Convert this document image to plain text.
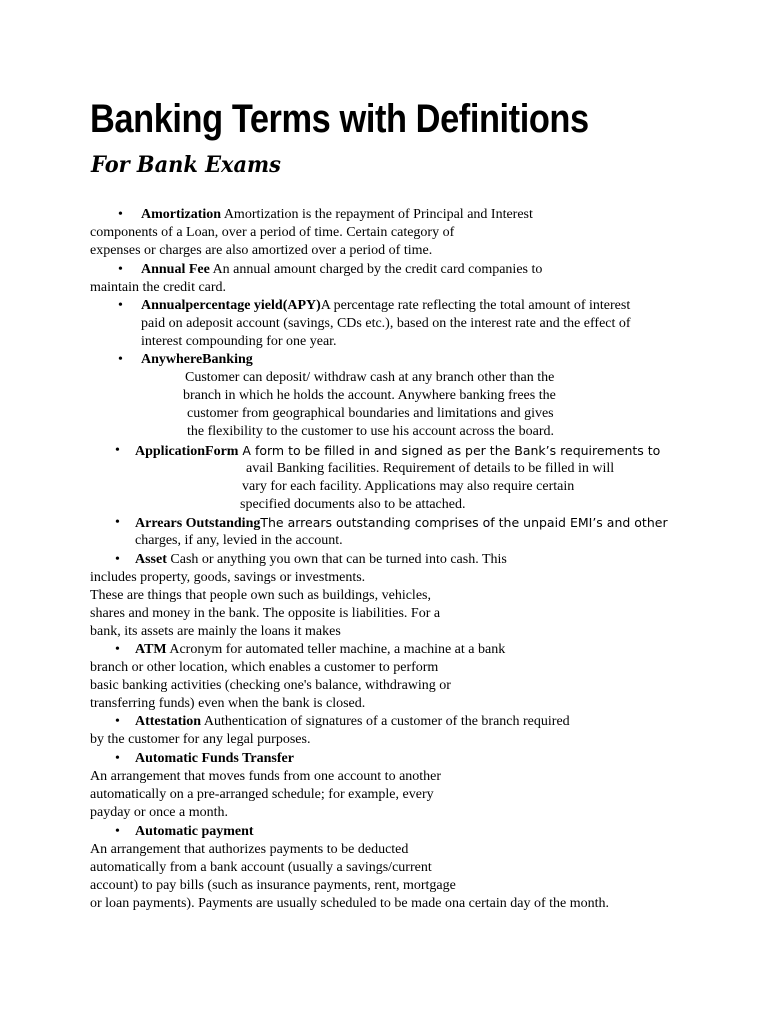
Banking Terms with Definitions
For Bank Exams
• Amortization Amortization is the repayment of Principal and Interest
components of a Loan, over a period of time. Certain category of
expenses or charges are also amortized over a period of time.
• Annual Fee An annual amount charged by the credit card companies to
maintain the credit card.
• Annualpercentage yield(APY)A percentage rate reflecting the total amount of interest
paid on adeposit account (savings, CDs etc.), based on the interest rate and the effect of
interest compounding for one year.
• AnywhereBanking
Customer can deposit/ withdraw cash at any branch other than the
branch in which he holds the account. Anywhere banking frees the
customer from geographical boundaries and limitations and gives
the flexibility to the customer to use his account across the board.
• ApplicationForm A form to be filled in and signed as per the Bank’s requirements to
avail Banking facilities. Requirement of details to be filled in will
vary for each facility. Applications may also require certain
specified documents also to be attached.
• Arrears OutstandingThe arrears outstanding comprises of the unpaid EMI’s and other
charges, if any, levied in the account.
• Asset Cash or anything you own that can be turned into cash. This
includes property, goods, savings or investments.
These are things that people own such as buildings, vehicles,
shares and money in the bank. The opposite is liabilities. For a
bank, its assets are mainly the loans it makes
• ATM Acronym for automated teller machine, a machine at a bank
branch or other location, which enables a customer to perform
basic banking activities (checking one's balance, withdrawing or
transferring funds) even when the bank is closed.
• Attestation Authentication of signatures of a customer of the branch required
by the customer for any legal purposes.
• Automatic Funds Transfer
An arrangement that moves funds from one account to another
automatically on a pre-arranged schedule; for example, every
payday or once a month.
• Automatic payment
An arrangement that authorizes payments to be deducted
automatically from a bank account (usually a savings/current
account) to pay bills (such as insurance payments, rent, mortgage
or loan payments). Payments are usually scheduled to be made ona certain day of the month.
